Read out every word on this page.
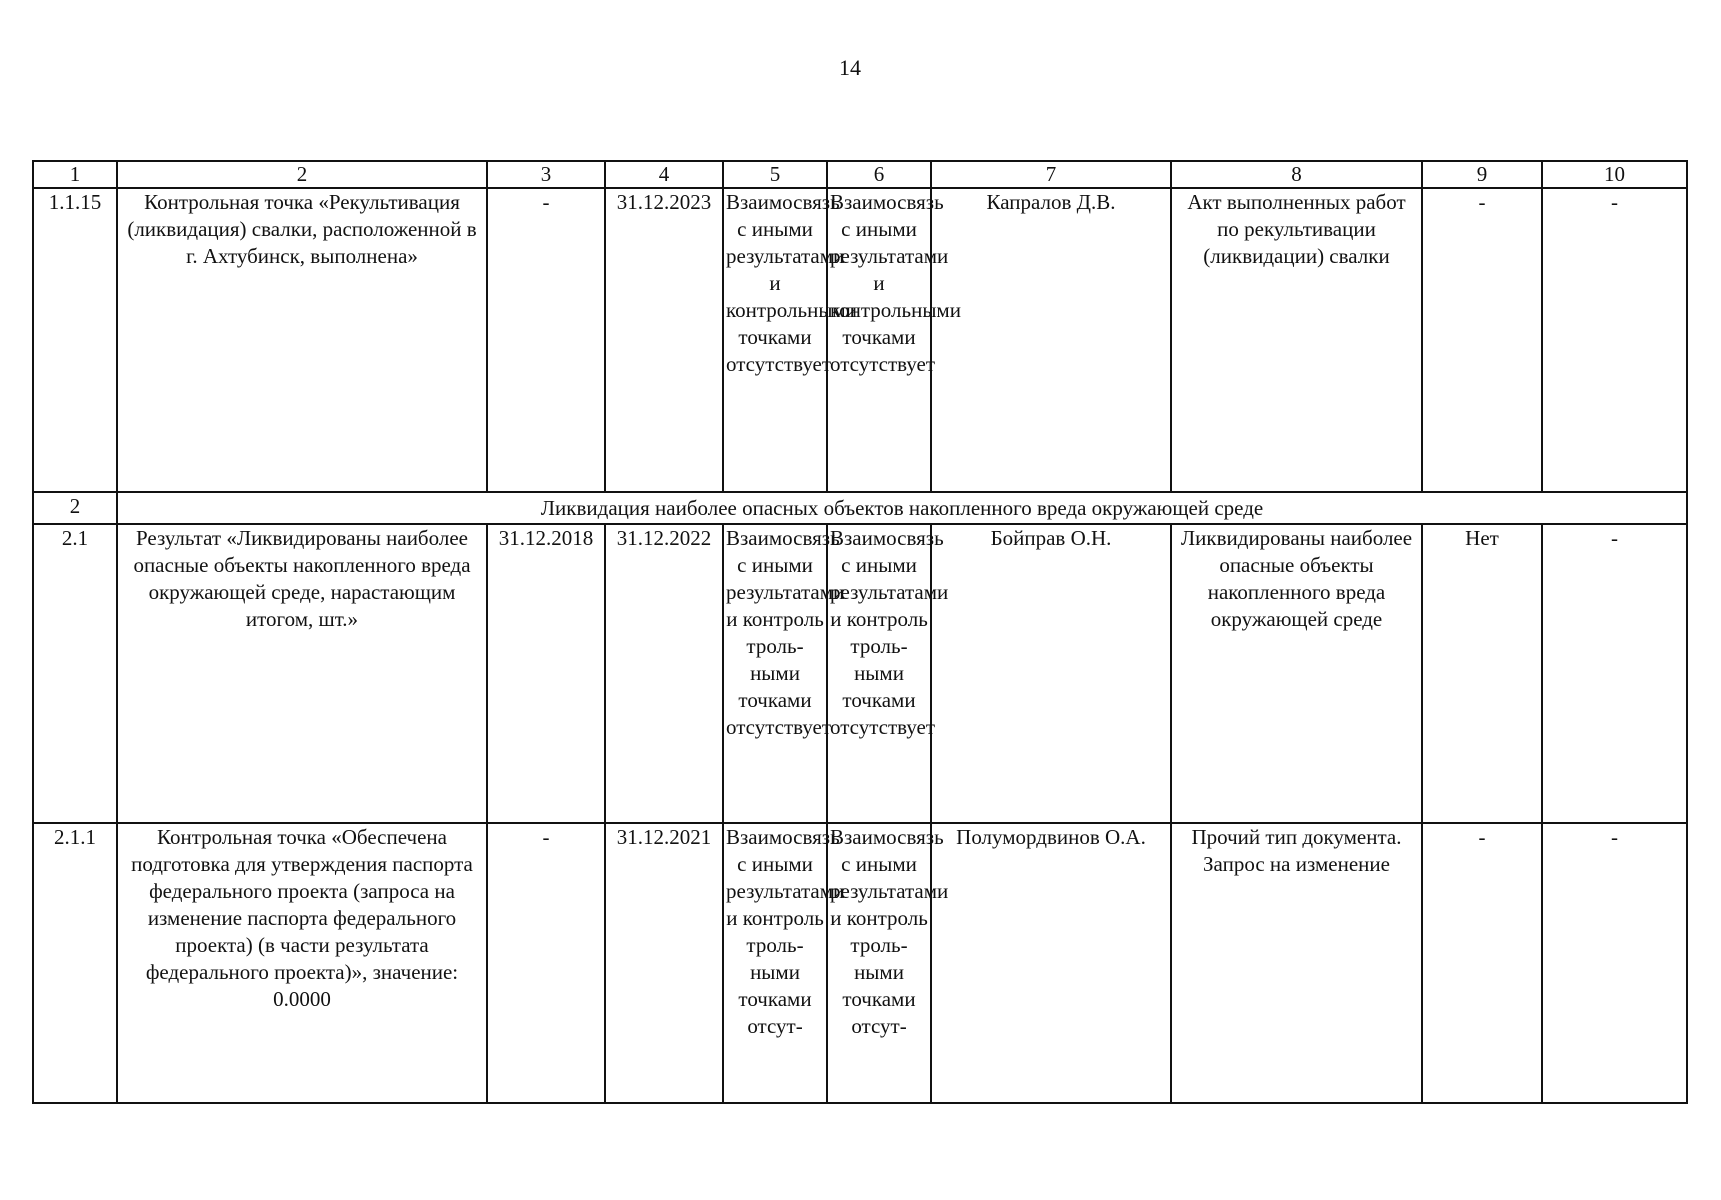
14
1	2	3	4	5	6	7	8	9	10
1.1.15	Контрольная точка «Рекультивация (ликвидация) свалки, расположенной в г. Ахтубинск, выполнена»	-	31.12.2023	Взаимосвязь с иными результатами и контрольными точками отсутствует	Взаимосвязь с иными результатами и контрольными точками отсутствует	Капралов Д.В.	Акт выполненных работ по рекультивации (ликвидации) свалки	-	-
2	Ликвидация наиболее опасных объектов накопленного вреда окружающей среде								
2.1	Результат «Ликвидированы наиболее опасные объекты накопленного вреда окружающей среде, нарастающим итогом, шт.»	31.12.2018	31.12.2022	Взаимосвязь с иными результатами и контроль троль-ными точками отсутствует	Взаимосвязь с иными результатами и контроль троль-ными точками отсутствует	Бойправ О.Н.	Ликвидированы наиболее опасные объекты накопленного вреда окружающей среде	Нет	-
2.1.1	Контрольная точка «Обеспечена подготовка для утверждения паспорта федерального проекта (запроса на изменение паспорта федерального проекта) (в части результата федерального проекта)», значение: 0.0000	-	31.12.2021	Взаимосвязь с иными результатами и контроль троль-ными точками отсут-	Взаимосвязь с иными результатами и контроль троль-ными точками отсут-	Полумордвинов О.А.	Прочий тип документа. Запрос на изменение	-	-
